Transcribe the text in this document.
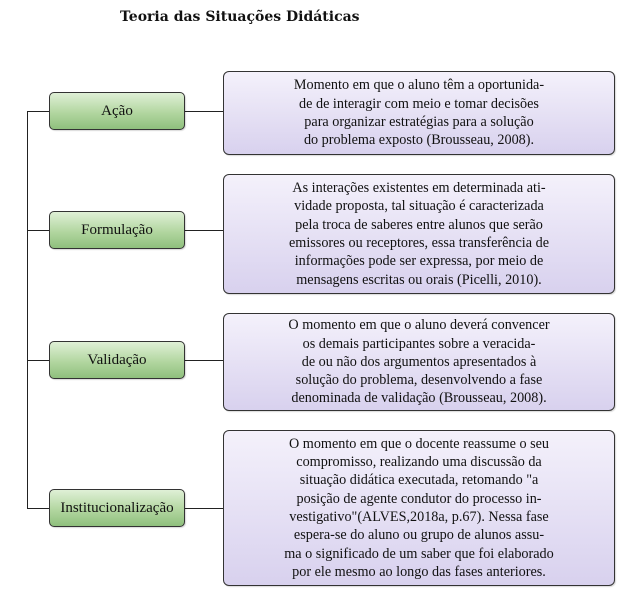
Teoria das Situações Didáticas
Ação
Formulação
Validação
Institucionalização
Momento em que o aluno têm a oportunida-
de de interagir com meio e tomar decisões
para organizar estratégias para a solução
do problema exposto (Brousseau, 2008).
As interações existentes em determinada ati-
vidade proposta, tal situação é caracterizada
pela troca de saberes entre alunos que serão
emissores ou receptores, essa transferência de
informações pode ser expressa, por meio de
mensagens escritas ou orais (Picelli, 2010).
O momento em que o aluno deverá convencer
os demais participantes sobre a veracida-
de ou não dos argumentos apresentados à
solução do problema, desenvolvendo a fase
denominada de validação (Brousseau, 2008).
O momento em que o docente reassume o seu
compromisso, realizando uma discussão da
situação didática executada, retomando "a
posição de agente condutor do processo in-
vestigativo"(ALVES,2018a, p.67). Nessa fase
espera-se do aluno ou grupo de alunos assu-
ma o significado de um saber que foi elaborado
por ele mesmo ao longo das fases anteriores.
